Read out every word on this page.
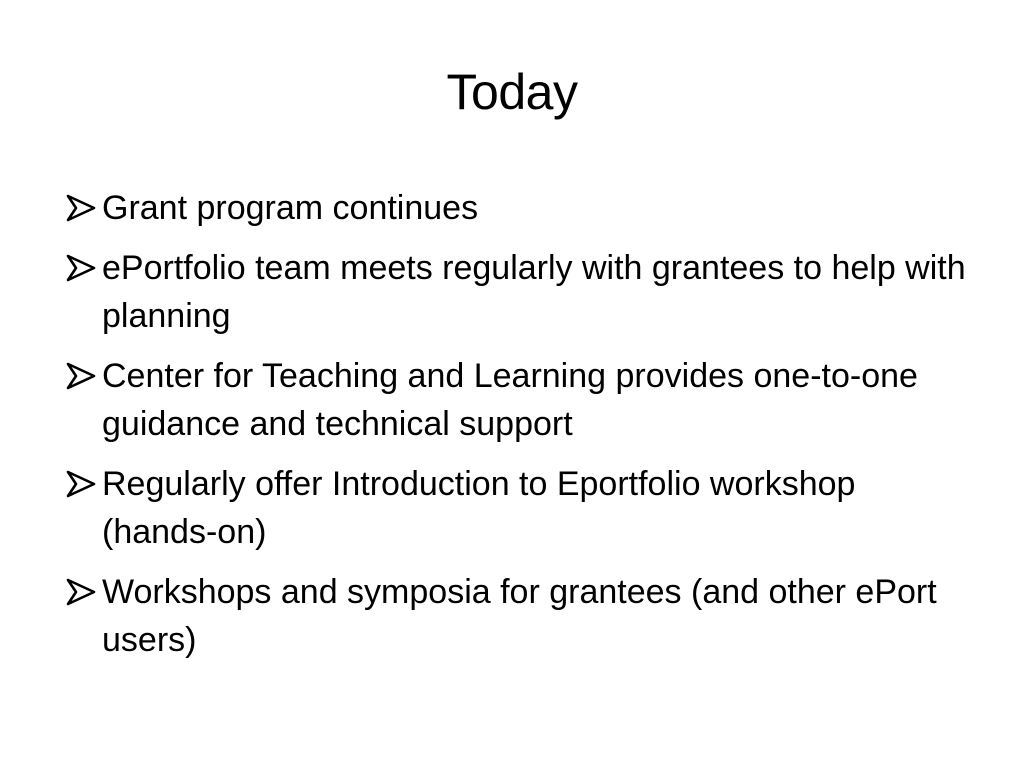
Today
Grant program continues
ePortfolio team meets regularly with grantees to help with planning
Center for Teaching and Learning provides one-to-one guidance and technical support
Regularly offer Introduction to Eportfolio workshop (hands-on)
Workshops and symposia for grantees (and other ePort users)
